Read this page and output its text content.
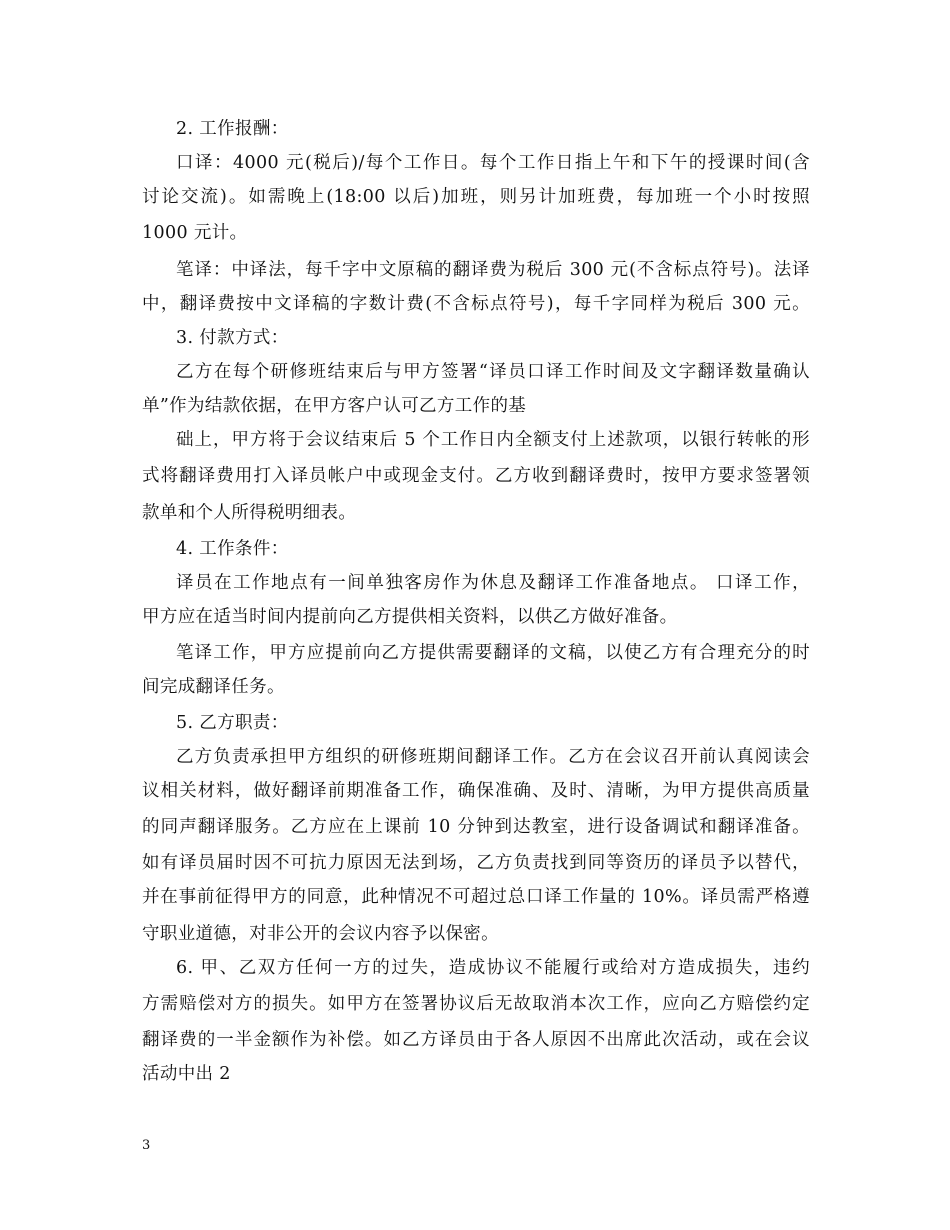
2. 工作报酬：
口译：4000 元(税后)/每个工作日。每个工作日指上午和下午的授课时间(含
讨论交流)。如需晚上(18:00 以后)加班，则另计加班费，每加班一个小时按照
1000 元计。
笔译：中译法，每千字中文原稿的翻译费为税后 300 元(不含标点符号)。法译
中，翻译费按中文译稿的字数计费(不含标点符号)，每千字同样为税后 300 元。
3. 付款方式：
乙方在每个研修班结束后与甲方签署“译员口译工作时间及文字翻译数量确认
单”作为结款依据，在甲方客户认可乙方工作的基
础上，甲方将于会议结束后 5 个工作日内全额支付上述款项，以银行转帐的形
式将翻译费用打入译员帐户中或现金支付。乙方收到翻译费时，按甲方要求签署领
款单和个人所得税明细表。
4. 工作条件：
译员在工作地点有一间单独客房作为休息及翻译工作准备地点。 口译工作，
甲方应在适当时间内提前向乙方提供相关资料，以供乙方做好准备。
笔译工作，甲方应提前向乙方提供需要翻译的文稿，以使乙方有合理充分的时
间完成翻译任务。
5. 乙方职责：
乙方负责承担甲方组织的研修班期间翻译工作。乙方在会议召开前认真阅读会
议相关材料，做好翻译前期准备工作，确保准确、及时、清晰，为甲方提供高质量
的同声翻译服务。乙方应在上课前 10 分钟到达教室，进行设备调试和翻译准备。
如有译员届时因不可抗力原因无法到场，乙方负责找到同等资历的译员予以替代，
并在事前征得甲方的同意，此种情况不可超过总口译工作量的 10%。译员需严格遵
守职业道德，对非公开的会议内容予以保密。
6. 甲、乙双方任何一方的过失，造成协议不能履行或给对方造成损失，违约
方需赔偿对方的损失。如甲方在签署协议后无故取消本次工作，应向乙方赔偿约定
翻译费的一半金额作为补偿。如乙方译员由于各人原因不出席此次活动，或在会议
活动中出 2
3
